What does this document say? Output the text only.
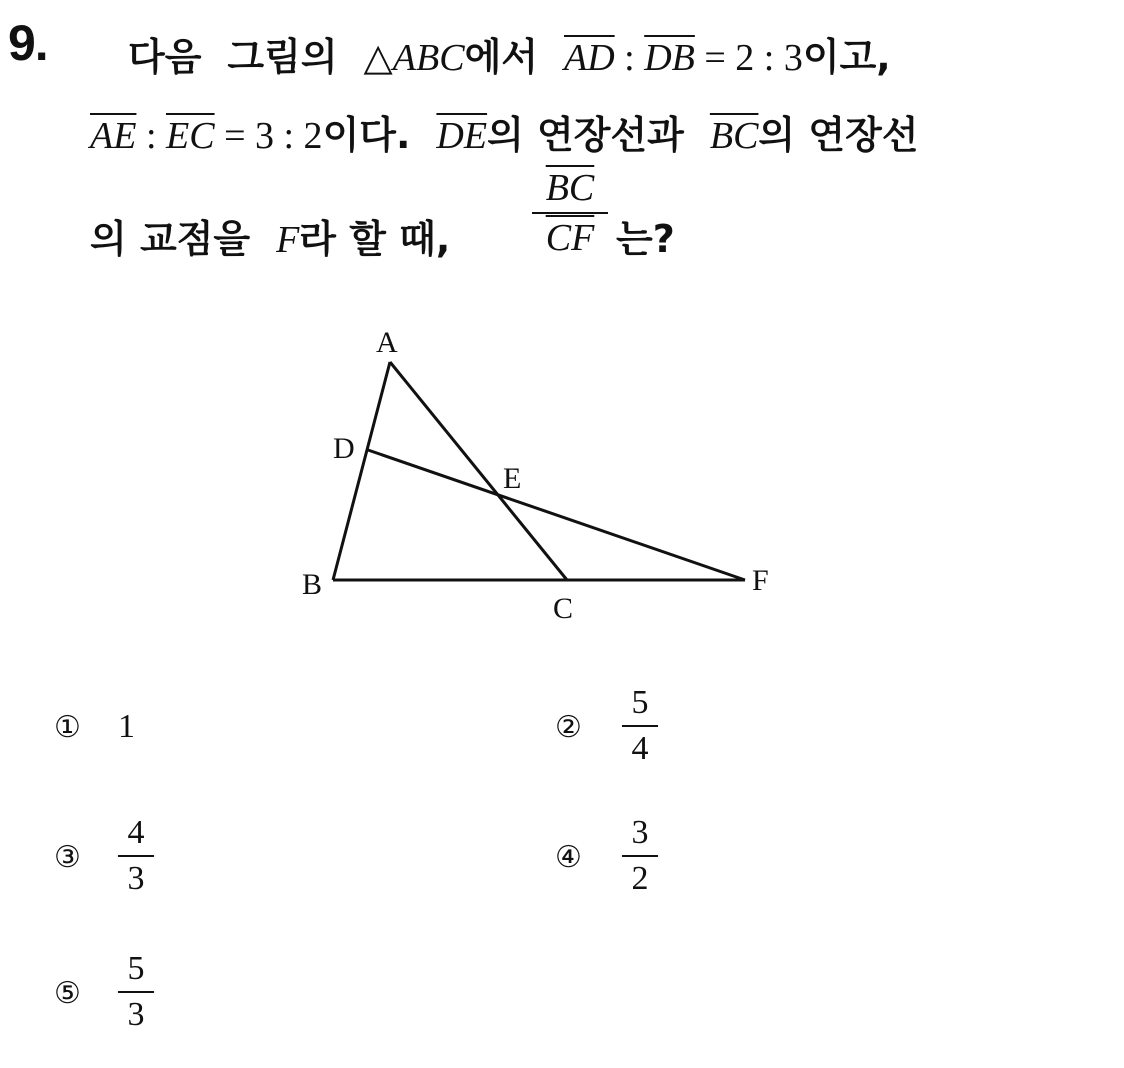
9. 다음 그림의 △ABC에서 $\overline{AD}$ : $\overline{DB} = 2$ : 3이고,
$\overline{AE}$ : $\overline{EC} = 3$ : 2이다. $\overline{DE}$의 연장선과 $\overline{BC}$의 연장선
의 교점을 F라 할 때, $\frac{\overline{BC}}{CF}$ 는?
A
D
E
B
C
F
① 1	②
5
4
③
4
3
④
3
2
⑤
5
3
